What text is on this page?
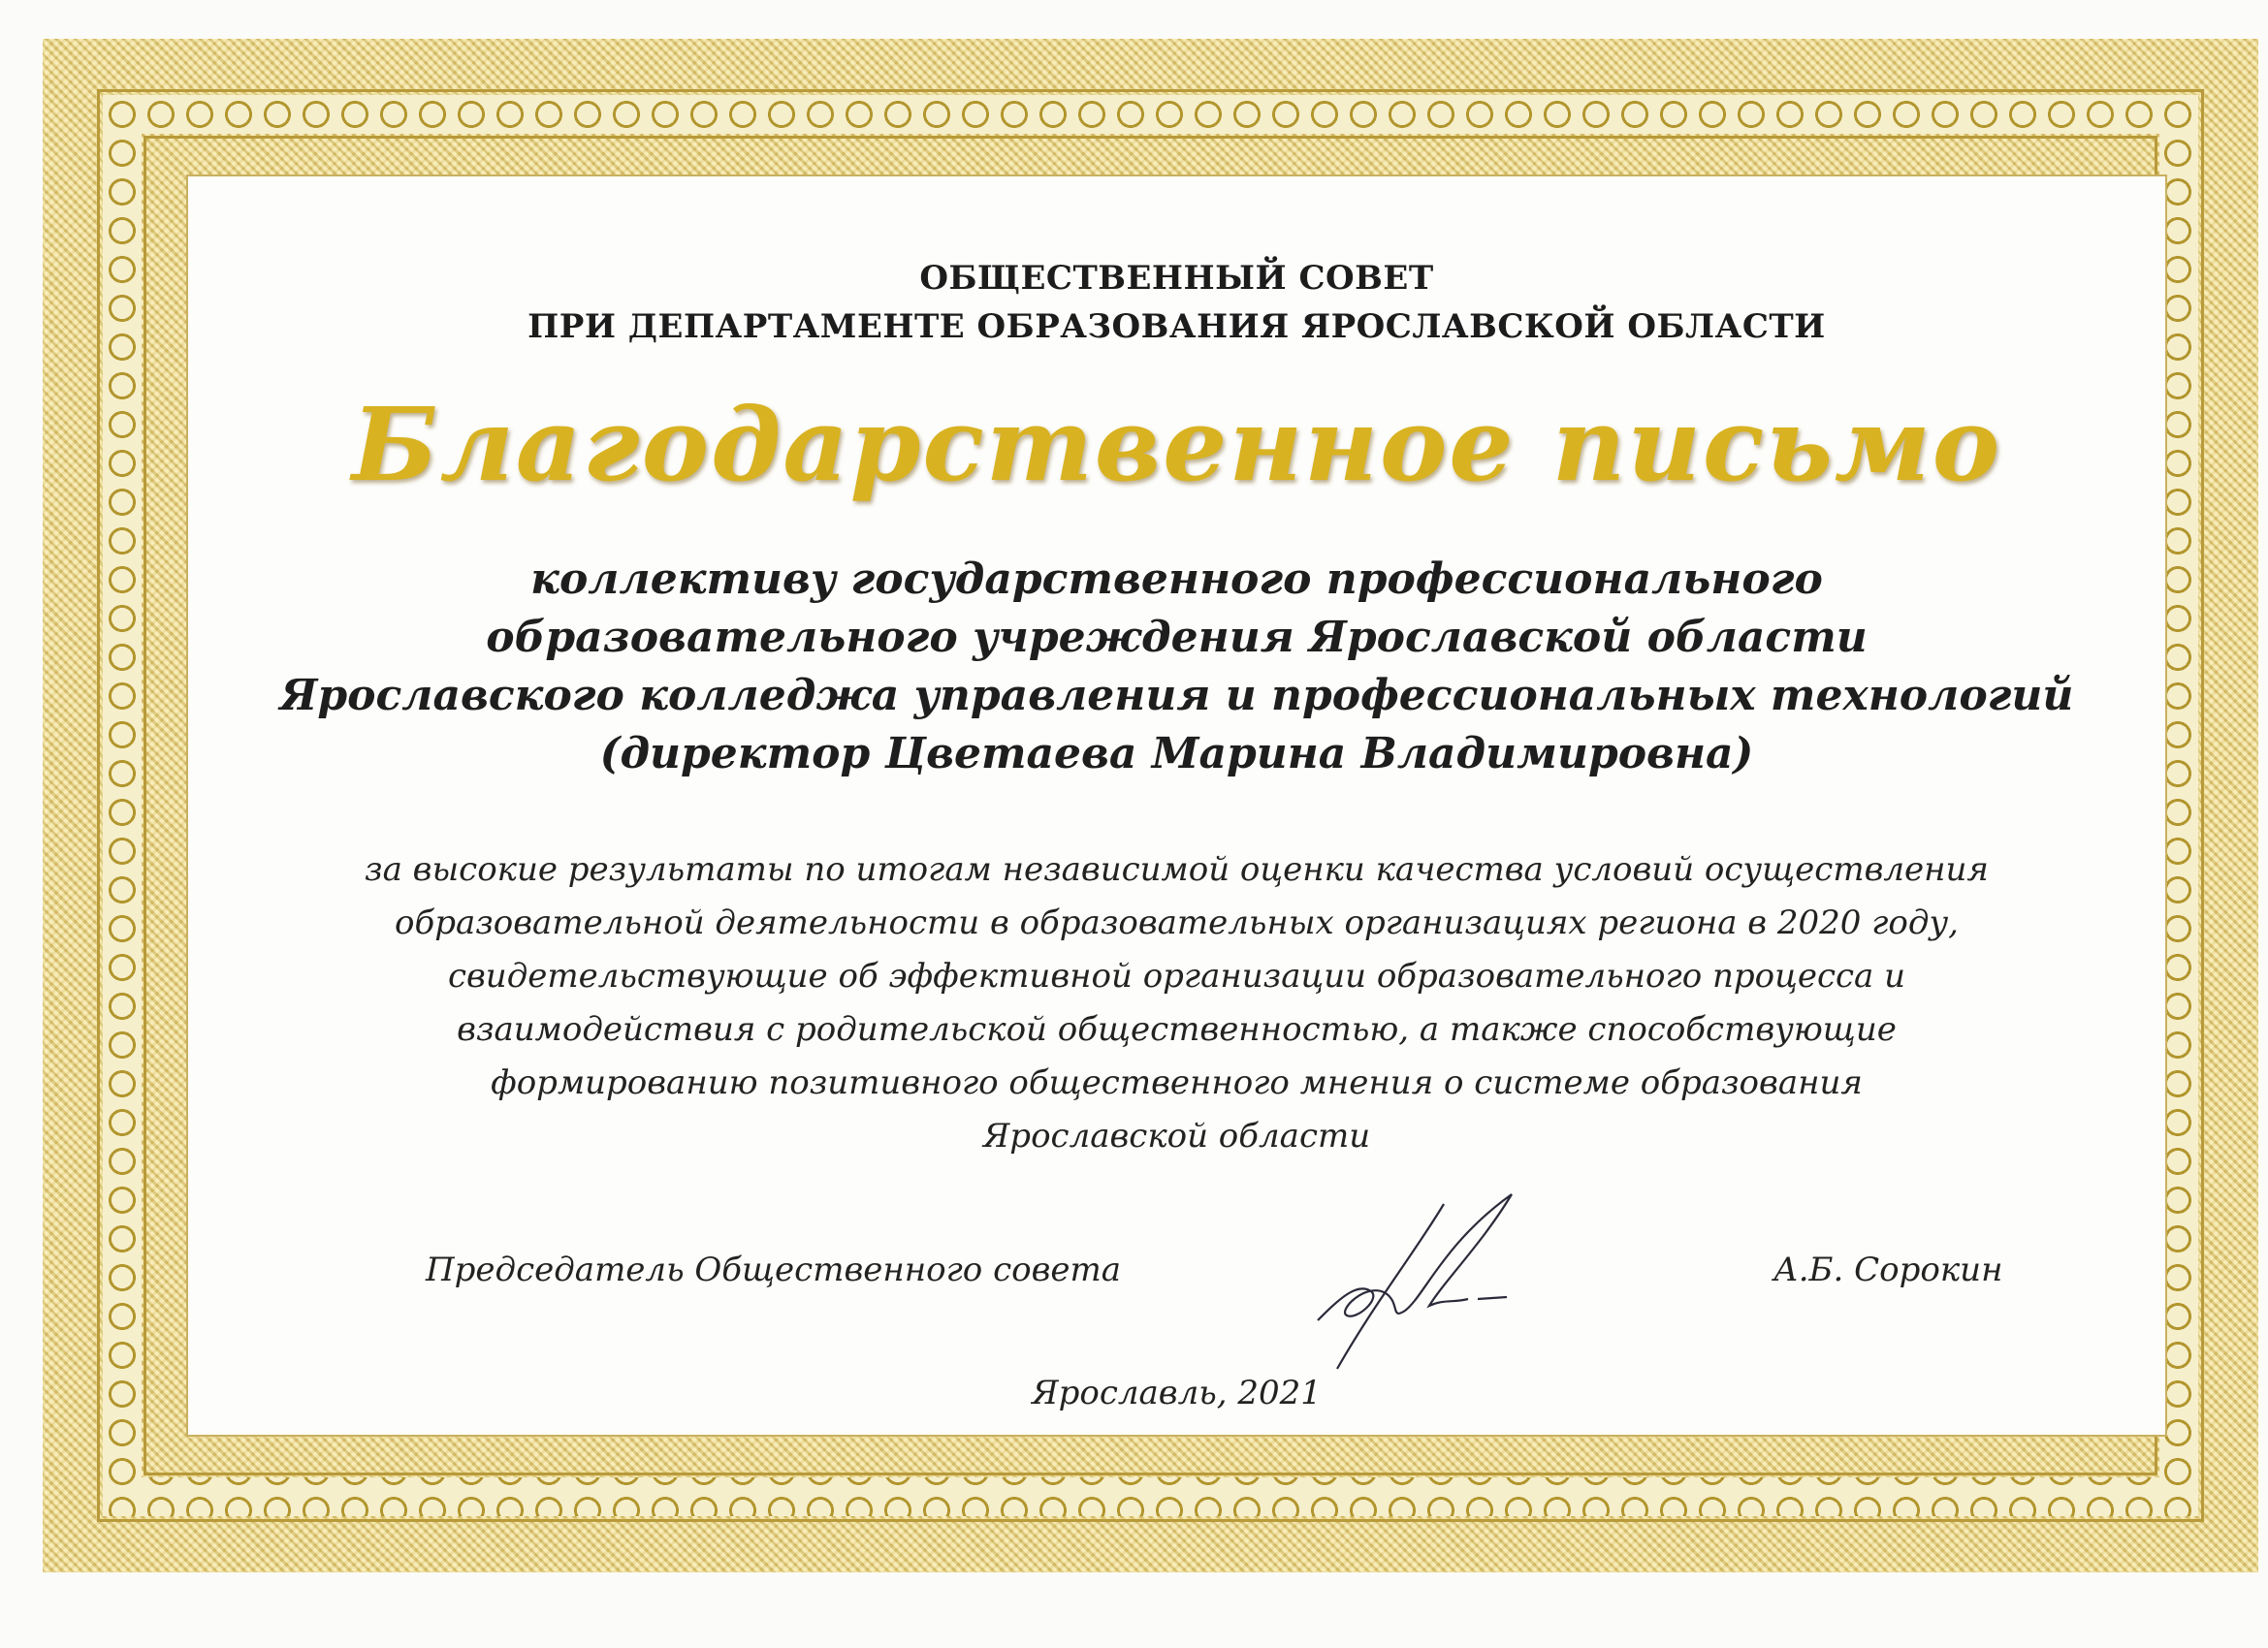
ОБЩЕСТВЕННЫЙ СОВЕТ
ПРИ ДЕПАРТАМЕНТЕ ОБРАЗОВАНИЯ ЯРОСЛАВСКОЙ ОБЛАСТИ
Благодарственное письмо
коллективу государственного профессионального
образовательного учреждения Ярославской области
Ярославского колледжа управления и профессиональных технологий
(директор Цветаева Марина Владимировна)
за высокие результаты по итогам независимой оценки качества условий осуществления
образовательной деятельности в образовательных организациях региона в 2020 году,
свидетельствующие об эффективной организации образовательного процесса и
взаимодействия с родительской общественностью, а также способствующие
формированию позитивного общественного мнения о системе образования
Ярославской области
Председатель Общественного совета	А.Б. Сорокин
Ярославль, 2021
